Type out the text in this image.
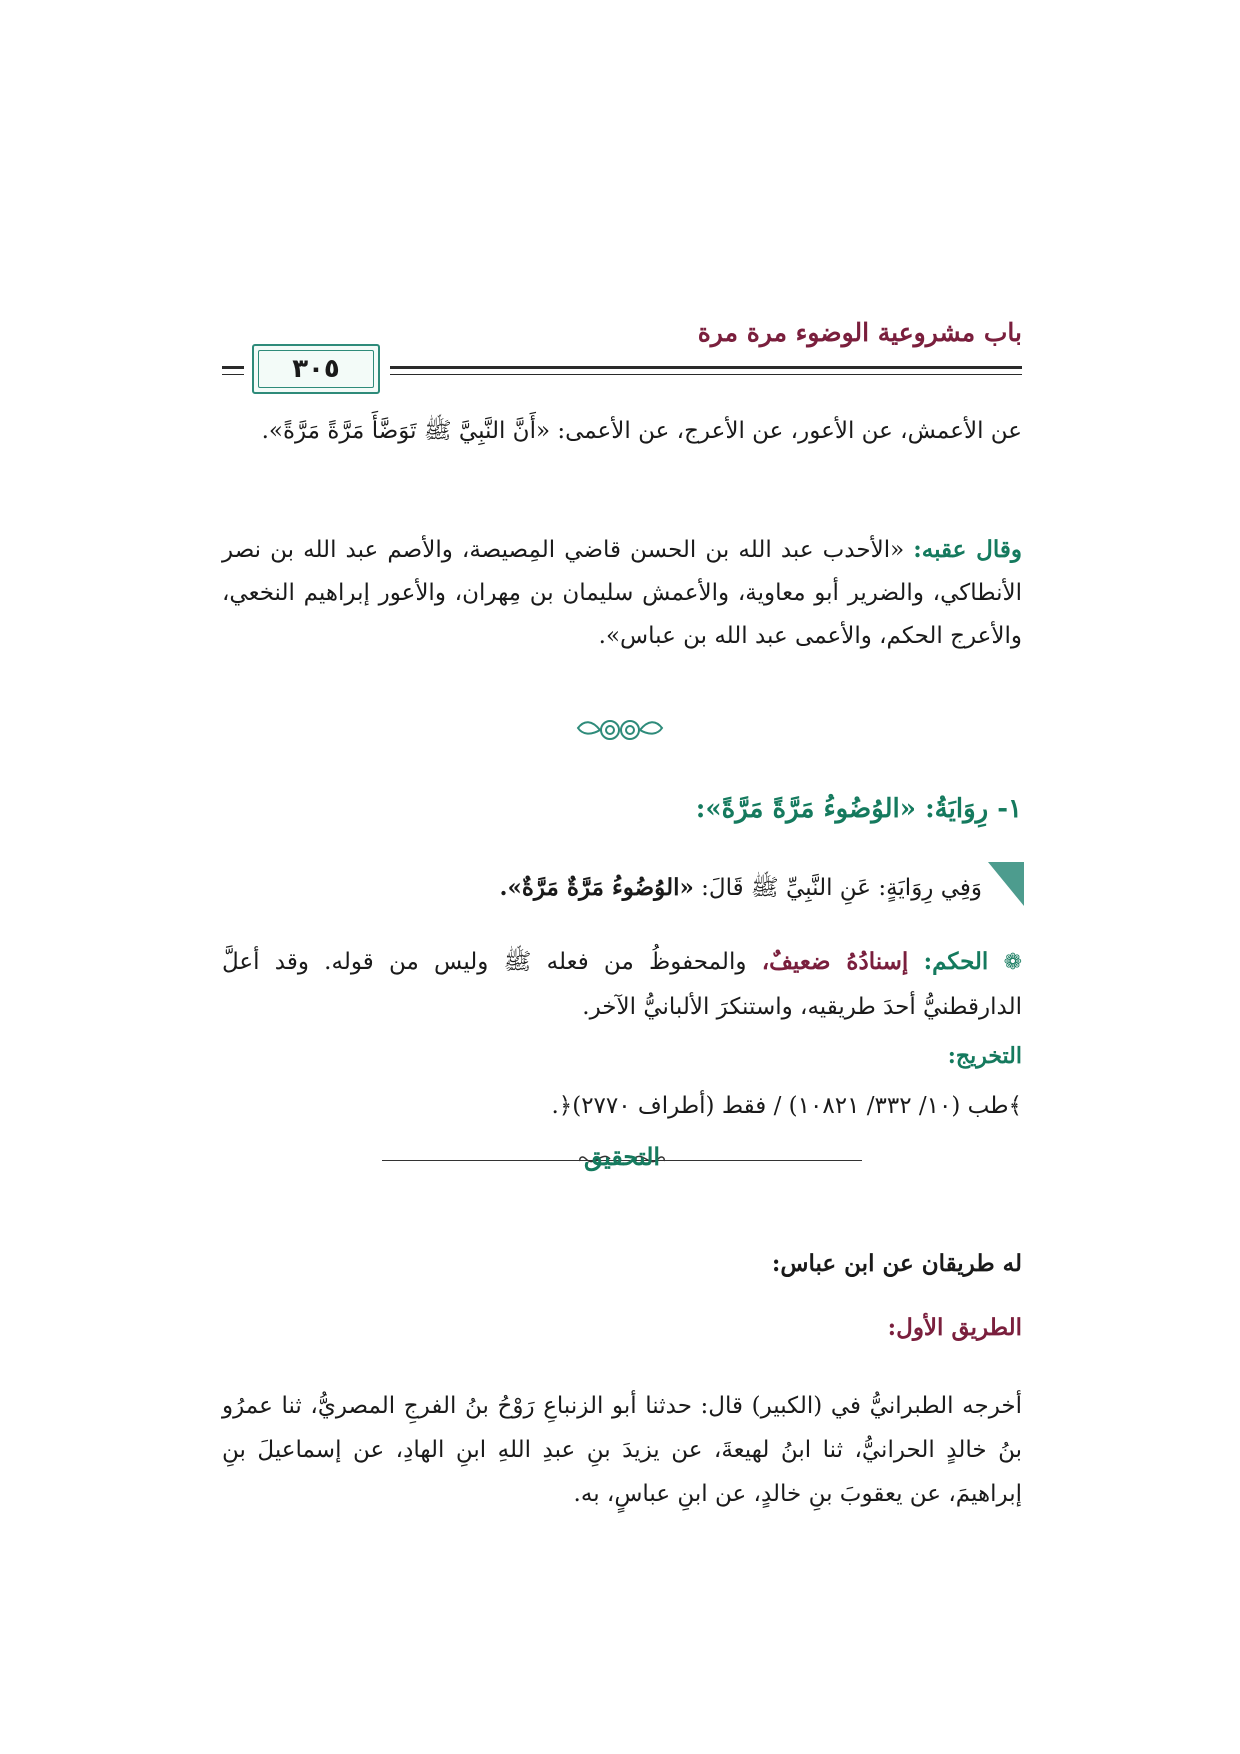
باب مشروعية الوضوء مرة مرة
٣٠٥
عن الأعمش، عن الأعور، عن الأعرج، عن الأعمى: «أَنَّ النَّبِيَّ ﷺ تَوَضَّأَ مَرَّةً مَرَّةً».
وقال عقبه: «الأحدب عبد الله بن الحسن قاضي المِصيصة، والأصم عبد الله بن نصر الأنطاكي، والضرير أبو معاوية، والأعمش سليمان بن مِهران، والأعور إبراهيم النخعي، والأعرج الحكم، والأعمى عبد الله بن عباس».
١- رِوَايَةُ: «الوُضُوءُ مَرَّةً مَرَّةً»:
وَفِي رِوَايَةٍ: عَنِ النَّبِيِّ ﷺ قَالَ: «الوُضُوءُ مَرَّةٌ مَرَّةٌ».
❁ الحكم: إسنادُهُ ضعيفٌ، والمحفوظُ من فعله ﷺ وليس من قوله. وقد أعلَّ الدارقطنيُّ أحدَ طريقيه، واستنكرَ الألبانيُّ الآخر.
التخريج:
﴾طب (١٠/ ٣٣٢/ ١٠٨٢١) / فقط (أطراف ٢٧٧٠)﴿.
التحقيق
له طريقان عن ابن عباس:
الطريق الأول:
أخرجه الطبرانيُّ في (الكبير) قال: حدثنا أبو الزنباعِ رَوْحُ بنُ الفرجِ المصريُّ، ثنا عمرُو بنُ خالدٍ الحرانيُّ، ثنا ابنُ لهيعةَ، عن يزيدَ بنِ عبدِ اللهِ ابنِ الهادِ، عن إسماعيلَ بنِ إبراهيمَ، عن يعقوبَ بنِ خالدٍ، عن ابنِ عباسٍ، به.
